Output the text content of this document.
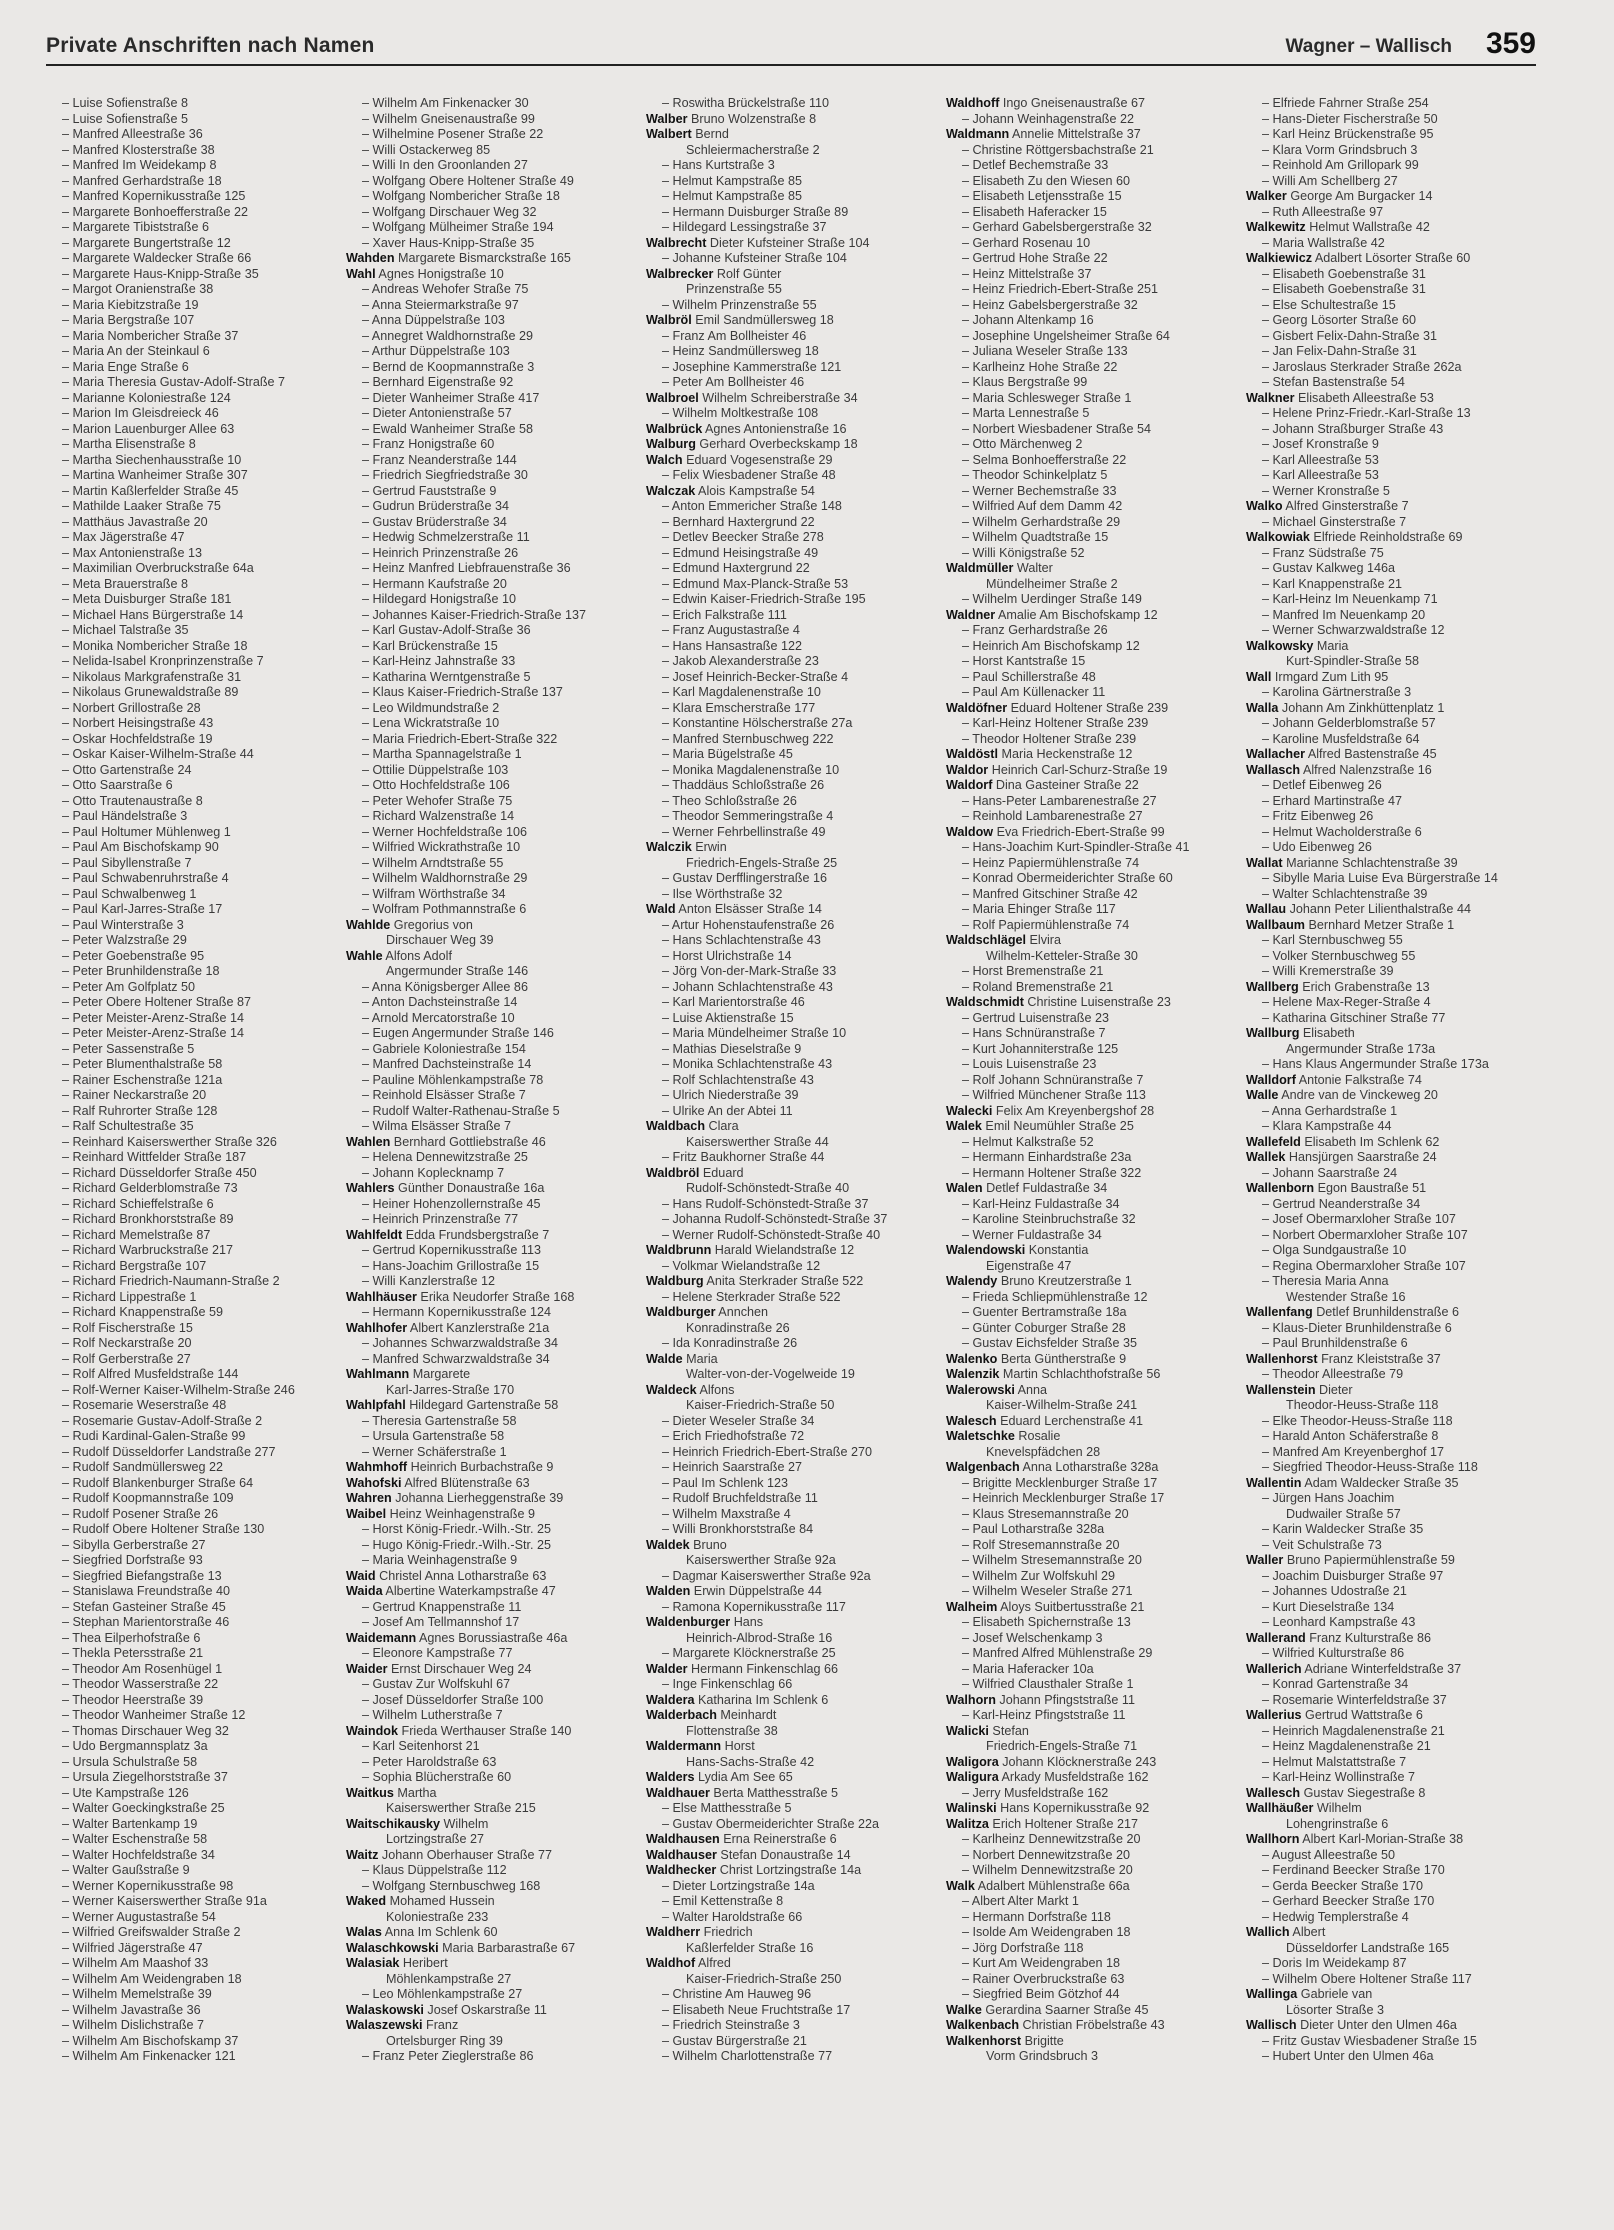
Private Anschriften nach Namen	Wagner – Wallisch 359
– Luise Sofienstraße 8
– Luise Sofienstraße 5
– Manfred Alleestraße 36
– Manfred Klosterstraße 38
– Manfred Im Weidekamp 8
– Manfred Gerhardstraße 18
– Manfred Kopernikusstraße 125
– Margarete Bonhoefferstraße 22
– Margarete Tibiststraße 6
– Margarete Bungertstraße 12
– Margarete Waldecker Straße 66
– Margarete Haus-Knipp-Straße 35
– Margot Oranienstraße 38
– Maria Kiebitzstraße 19
– Maria Bergstraße 107
– Maria Nombericher Straße 37
– Maria An der Steinkaul 6
– Maria Enge Straße 6
– Maria Theresia Gustav-Adolf-Straße 7
– Marianne Koloniestraße 124
– Marion Im Gleisdreieck 46
– Marion Lauenburger Allee 63
– Martha Elisenstraße 8
– Martha Siechenhausstraße 10
– Martina Wanheimer Straße 307
– Martin Kaßlerfelder Straße 45
– Mathilde Laaker Straße 75
– Matthäus Javastraße 20
– Max Jägerstraße 47
– Max Antonienstraße 13
– Maximilian Overbruckstraße 64a
– Meta Brauerstraße 8
– Meta Duisburger Straße 181
– Michael Hans Bürgerstraße 14
– Michael Talstraße 35
– Monika Nombericher Straße 18
– Nelida-Isabel Kronprinzenstraße 7
– Nikolaus Markgrafenstraße 31
– Nikolaus Grunewaldstraße 89
– Norbert Grillostraße 28
– Norbert Heisingstraße 43
– Oskar Hochfeldstraße 19
– Oskar Kaiser-Wilhelm-Straße 44
– Otto Gartenstraße 24
– Otto Saarstraße 6
– Otto Trautenaustraße 8
– Paul Händelstraße 3
– Paul Holtumer Mühlenweg 1
– Paul Am Bischofskamp 90
– Paul Sibyllenstraße 7
– Paul Schwabenruhrstraße 4
– Paul Schwalbenweg 1
– Paul Karl-Jarres-Straße 17
– Paul Winterstraße 3
– Peter Walzstraße 29
– Peter Goebenstraße 95
– Peter Brunhildenstraße 18
– Peter Am Golfplatz 50
– Peter Obere Holtener Straße 87
– Peter Meister-Arenz-Straße 14
– Peter Meister-Arenz-Straße 14
– Peter Sassenstraße 5
– Peter Blumenthalstraße 58
– Rainer Eschenstraße 121a
– Rainer Neckarstraße 20
– Ralf Ruhrorter Straße 128
– Ralf Schultestraße 35
– Reinhard Kaiserswerther Straße 326
– Reinhard Wittfelder Straße 187
– Richard Düsseldorfer Straße 450
– Richard Gelderblomstraße 73
– Richard Schieffelstraße 6
– Richard Bronkhorststraße 89
– Richard Memelstraße 87
– Richard Warbruckstraße 217
– Richard Bergstraße 107
– Richard Friedrich-Naumann-Straße 2
– Richard Lippestraße 1
– Richard Knappenstraße 59
– Rolf Fischerstraße 15
– Rolf Neckarstraße 20
– Rolf Gerberstraße 27
– Rolf Alfred Musfeldstraße 144
– Rolf-Werner Kaiser-Wilhelm-Straße 246
– Rosemarie Weserstraße 48
– Rosemarie Gustav-Adolf-Straße 2
– Rudi Kardinal-Galen-Straße 99
– Rudolf Düsseldorfer Landstraße 277
– Rudolf Sandmüllersweg 22
– Rudolf Blankenburger Straße 64
– Rudolf Koopmannstraße 109
– Rudolf Posener Straße 26
– Rudolf Obere Holtener Straße 130
– Sibylla Gerberstraße 27
– Siegfried Dorfstraße 93
– Siegfried Biefangstraße 13
– Stanislawa Freundstraße 40
– Stefan Gasteiner Straße 45
– Stephan Marientorstraße 46
– Thea Eilperhofstraße 6
– Thekla Petersstraße 21
– Theodor Am Rosenhügel 1
– Theodor Wasserstraße 22
– Theodor Heerstraße 39
– Theodor Wanheimer Straße 12
– Thomas Dirschauer Weg 32
– Udo Bergmannsplatz 3a
– Ursula Schulstraße 58
– Ursula Ziegelhorststraße 37
– Ute Kampstraße 126
– Walter Goeckingkstraße 25
– Walter Bartenkamp 19
– Walter Eschenstraße 58
– Walter Hochfeldstraße 34
– Walter Gaußstraße 9
– Werner Kopernikusstraße 98
– Werner Kaiserswerther Straße 91a
– Werner Augustastraße 54
– Wilfried Greifswalder Straße 2
– Wilfried Jägerstraße 47
– Wilhelm Am Maashof 33
– Wilhelm Am Weidengraben 18
– Wilhelm Memelstraße 39
– Wilhelm Javastraße 36
– Wilhelm Dislichstraße 7
– Wilhelm Am Bischofskamp 37
– Wilhelm Am Finkenacker 121
– Wilhelm Am Finkenacker 30
– Wilhelm Gneisenaustraße 99
– Wilhelmine Posener Straße 22
– Willi Ostackerweg 85
– Willi In den Groonlanden 27
– Wolfgang Obere Holtener Straße 49
– Wolfgang Nombericher Straße 18
– Wolfgang Dirschauer Weg 32
– Wolfgang Mülheimer Straße 194
– Xaver Haus-Knipp-Straße 35
Wahden Margarete Bismarckstraße 165
Wahl Agnes Honigstraße 10
– Andreas Wehofer Straße 75
– Anna Steiermarkstraße 97
– Anna Düppelstraße 103
– Annegret Waldhornstraße 29
– Arthur Düppelstraße 103
– Bernd de Koopmannstraße 3
– Bernhard Eigenstraße 92
– Dieter Wanheimer Straße 417
– Dieter Antonienstraße 57
– Ewald Wanheimer Straße 58
– Franz Honigstraße 60
– Franz Neanderstraße 144
– Friedrich Siegfriedstraße 30
– Gertrud Fauststraße 9
– Gudrun Brüderstraße 34
– Gustav Brüderstraße 34
– Hedwig Schmelzerstraße 11
– Heinrich Prinzenstraße 26
– Heinz Manfred Liebfrauenstraße 36
– Hermann Kaufstraße 20
– Hildegard Honigstraße 10
– Johannes Kaiser-Friedrich-Straße 137
– Karl Gustav-Adolf-Straße 36
– Karl Brückenstraße 15
– Karl-Heinz Jahnstraße 33
– Katharina Werntgenstraße 5
– Klaus Kaiser-Friedrich-Straße 137
– Leo Wildmundstraße 2
– Lena Wickratstraße 10
– Maria Friedrich-Ebert-Straße 322
– Martha Spannagelstraße 1
– Ottilie Düppelstraße 103
– Otto Hochfeldstraße 106
– Peter Wehofer Straße 75
– Richard Walzenstraße 14
– Werner Hochfeldstraße 106
– Wilfried Wickrathstraße 10
– Wilhelm Arndtstraße 55
– Wilhelm Waldhornstraße 29
– Wilfram Wörthstraße 34
– Wolfram Pothmannstraße 6
Wahlde Gregorius von
Dirschauer Weg 39
Wahle Alfons Adolf
Angermunder Straße 146
– Anna Königsberger Allee 86
– Anton Dachsteinstraße 14
– Arnold Mercatorstraße 10
– Eugen Angermunder Straße 146
– Gabriele Koloniestraße 154
– Manfred Dachsteinstraße 14
– Pauline Möhlenkampstraße 78
– Reinhold Elsässer Straße 7
– Rudolf Walter-Rathenau-Straße 5
– Wilma Elsässer Straße 7
Wahlen Bernhard Gottliebstraße 46
– Helena Dennewitzstraße 25
– Johann Koplecknamp 7
Wahlers Günther Donaustraße 16a
– Heiner Hohenzollernstraße 45
– Heinrich Prinzenstraße 77
Wahlfeldt Edda Frundsbergstraße 7
– Gertrud Kopernikusstraße 113
– Hans-Joachim Grillostraße 15
– Willi Kanzlerstraße 12
Wahlhäuser Erika Neudorfer Straße 168
– Hermann Kopernikusstraße 124
Wahlhofer Albert Kanzlerstraße 21a
– Johannes Schwarzwaldstraße 34
– Manfred Schwarzwaldstraße 34
Wahlmann Margarete
Karl-Jarres-Straße 170
Wahlpfahl Hildegard Gartenstraße 58
– Theresia Gartenstraße 58
– Ursula Gartenstraße 58
– Werner Schäferstraße 1
Wahmhoff Heinrich Burbachstraße 9
Wahofski Alfred Blütenstraße 63
Wahren Johanna Lierheggenstraße 39
Waibel Heinz Weinhagenstraße 9
– Horst König-Friedr.-Wilh.-Str. 25
– Hugo König-Friedr.-Wilh.-Str. 25
– Maria Weinhagenstraße 9
Waid Christel Anna Lotharstraße 63
Waida Albertine Waterkampstraße 47
– Gertrud Knappenstraße 11
– Josef Am Tellmannshof 17
Waidemann Agnes Borussiastraße 46a
– Eleonore Kampstraße 77
Waider Ernst Dirschauer Weg 24
– Gustav Zur Wolfskuhl 67
– Josef Düsseldorfer Straße 100
– Wilhelm Lutherstraße 7
Waindok Frieda Werthauser Straße 140
– Karl Seitenhorst 21
– Peter Haroldstraße 63
– Sophia Blücherstraße 60
Waitkus Martha
Kaiserswerther Straße 215
Waitschikausky Wilhelm
Lortzingstraße 27
Waitz Johann Oberhauser Straße 77
– Klaus Düppelstraße 112
– Wolfgang Sternbuschweg 168
Waked Mohamed Hussein
Koloniestraße 233
Walas Anna Im Schlenk 60
Walaschkowski Maria Barbarastraße 67
Walasiak Heribert
Möhlenkampstraße 27
– Leo Möhlenkampstraße 27
Walaskowski Josef Oskarstraße 11
Walaszewski Franz
Ortelsburger Ring 39
– Franz Peter Zieglerstraße 86
– Roswitha Brückelstraße 110
Walber Bruno Wolzenstraße 8
Walbert Bernd
Schleiermacherstraße 2
– Hans Kurtstraße 3
– Helmut Kampstraße 85
– Helmut Kampstraße 85
– Hermann Duisburger Straße 89
– Hildegard Lessingstraße 37
Walbrecht Dieter Kufsteiner Straße 104
– Johanne Kufsteiner Straße 104
Walbrecker Rolf Günter
Prinzenstraße 55
– Wilhelm Prinzenstraße 55
Walbröl Emil Sandmüllersweg 18
– Franz Am Bollheister 46
– Heinz Sandmüllersweg 18
– Josephine Kammerstraße 121
– Peter Am Bollheister 46
Walbroel Wilhelm Schreiberstraße 34
– Wilhelm Moltkestraße 108
Walbrück Agnes Antonienstraße 16
Walburg Gerhard Overbeckskamp 18
Walch Eduard Vogesenstraße 29
– Felix Wiesbadener Straße 48
Walczak Alois Kampstraße 54
– Anton Emmericher Straße 148
– Bernhard Haxtergrund 22
– Detlev Beecker Straße 278
– Edmund Heisingstraße 49
– Edmund Haxtergrund 22
– Edmund Max-Planck-Straße 53
– Edwin Kaiser-Friedrich-Straße 195
– Erich Falkstraße 111
– Franz Augustastraße 4
– Hans Hansastraße 122
– Jakob Alexanderstraße 23
– Josef Heinrich-Becker-Straße 4
– Karl Magdalenenstraße 10
– Klara Emscherstraße 177
– Konstantine Hölscherstraße 27a
– Manfred Sternbuschweg 222
– Maria Bügelstraße 45
– Monika Magdalenenstraße 10
– Thaddäus Schloßstraße 26
– Theo Schloßstraße 26
– Theodor Semmeringstraße 4
– Werner Fehrbellinstraße 49
Walczik Erwin
Friedrich-Engels-Straße 25
– Gustav Derfflingerstraße 16
– Ilse Wörthstraße 32
Wald Anton Elsässer Straße 14
– Artur Hohenstaufenstraße 26
– Hans Schlachtenstraße 43
– Horst Ulrichstraße 14
– Jörg Von-der-Mark-Straße 33
– Johann Schlachtenstraße 43
– Karl Marientorstraße 46
– Luise Aktienstraße 15
– Maria Mündelheimer Straße 10
– Mathias Dieselstraße 9
– Monika Schlachtenstraße 43
– Rolf Schlachtenstraße 43
– Ulrich Niederstraße 39
– Ulrike An der Abtei 11
Waldbach Clara
Kaiserswerther Straße 44
– Fritz Baukhorner Straße 44
Waldbröl Eduard
Rudolf-Schönstedt-Straße 40
– Hans Rudolf-Schönstedt-Straße 37
– Johanna Rudolf-Schönstedt-Straße 37
– Werner Rudolf-Schönstedt-Straße 40
Waldbrunn Harald Wielandstraße 12
– Volkmar Wielandstraße 12
Waldburg Anita Sterkrader Straße 522
– Helene Sterkrader Straße 522
Waldburger Annchen
Konradinstraße 26
– Ida Konradinstraße 26
Walde Maria
Walter-von-der-Vogelweide 19
Waldeck Alfons
Kaiser-Friedrich-Straße 50
– Dieter Weseler Straße 34
– Erich Friedhofstraße 72
– Heinrich Friedrich-Ebert-Straße 270
– Heinrich Saarstraße 27
– Paul Im Schlenk 123
– Rudolf Bruchfeldstraße 11
– Wilhelm Maxstraße 4
– Willi Bronkhorststraße 84
Waldek Bruno
Kaiserswerther Straße 92a
– Dagmar Kaiserswerther Straße 92a
Walden Erwin Düppelstraße 44
– Ramona Kopernikusstraße 117
Waldenburger Hans
Heinrich-Albrod-Straße 16
– Margarete Klöcknerstraße 25
Walder Hermann Finkenschlag 66
– Inge Finkenschlag 66
Waldera Katharina Im Schlenk 6
Walderbach Meinhardt
Flottenstraße 38
Waldermann Horst
Hans-Sachs-Straße 42
Walders Lydia Am See 65
Waldhauer Berta Matthesstraße 5
– Else Matthesstraße 5
– Gustav Obermeiderichter Straße 22a
Waldhausen Erna Reinerstraße 6
Waldhauser Stefan Donaustraße 14
Waldhecker Christ Lortzingstraße 14a
– Dieter Lortzingstraße 14a
– Emil Kettenstraße 8
– Walter Haroldstraße 66
Waldherr Friedrich
Kaßlerfelder Straße 16
Waldhof Alfred
Kaiser-Friedrich-Straße 250
– Christine Am Hauweg 96
– Elisabeth Neue Fruchtstraße 17
– Friedrich Steinstraße 3
– Gustav Bürgerstraße 21
– Wilhelm Charlottenstraße 77
Waldhoff Ingo Gneisenaustraße 67
– Johann Weinhagenstraße 22
Waldmann Annelie Mittelstraße 37
– Christine Röttgersbachstraße 21
– Detlef Bechemstraße 33
– Elisabeth Zu den Wiesen 60
– Elisabeth Letjensstraße 15
– Elisabeth Haferacker 15
– Gerhard Gabelsbergerstraße 32
– Gerhard Rosenau 10
– Gertrud Hohe Straße 22
– Heinz Mittelstraße 37
– Heinz Friedrich-Ebert-Straße 251
– Heinz Gabelsbergerstraße 32
– Johann Altenkamp 16
– Josephine Ungelsheimer Straße 64
– Juliana Weseler Straße 133
– Karlheinz Hohe Straße 22
– Klaus Bergstraße 99
– Maria Schlesweger Straße 1
– Marta Lennestraße 5
– Norbert Wiesbadener Straße 54
– Otto Märchenweg 2
– Selma Bonhoefferstraße 22
– Theodor Schinkelplatz 5
– Werner Bechemstraße 33
– Wilfried Auf dem Damm 42
– Wilhelm Gerhardstraße 29
– Wilhelm Quadtstraße 15
– Willi Königstraße 52
Waldmüller Walter
Mündelheimer Straße 2
– Wilhelm Uerdinger Straße 149
Waldner Amalie Am Bischofskamp 12
– Franz Gerhardstraße 26
– Heinrich Am Bischofskamp 12
– Horst Kantstraße 15
– Paul Schillerstraße 48
– Paul Am Küllenacker 11
Waldöfner Eduard Holtener Straße 239
– Karl-Heinz Holtener Straße 239
– Theodor Holtener Straße 239
Waldöstl Maria Heckenstraße 12
Waldor Heinrich Carl-Schurz-Straße 19
Waldorf Dina Gasteiner Straße 22
– Hans-Peter Lambarenestraße 27
– Reinhold Lambarenestraße 27
Waldow Eva Friedrich-Ebert-Straße 99
– Hans-Joachim Kurt-Spindler-Straße 41
– Heinz Papiermühlenstraße 74
– Konrad Obermeiderichter Straße 60
– Manfred Gitschiner Straße 42
– Maria Ehinger Straße 117
– Rolf Papiermühlenstraße 74
Waldschlägel Elvira
Wilhelm-Ketteler-Straße 30
– Horst Bremenstraße 21
– Roland Bremenstraße 21
Waldschmidt Christine Luisenstraße 23
– Gertrud Luisenstraße 23
– Hans Schnüranstraße 7
– Kurt Johanniterstraße 125
– Louis Luisenstraße 23
– Rolf Johann Schnüranstraße 7
– Wilfried Münchener Straße 113
Walecki Felix Am Kreyenbergshof 28
Walek Emil Neumühler Straße 25
– Helmut Kalkstraße 52
– Hermann Einhardstraße 23a
– Hermann Holtener Straße 322
Walen Detlef Fuldastraße 34
– Karl-Heinz Fuldastraße 34
– Karoline Steinbruchstraße 32
– Werner Fuldastraße 34
Walendowski Konstantia
Eigenstraße 47
Walendy Bruno Kreutzerstraße 1
– Frieda Schliepmühlenstraße 12
– Guenter Bertramstraße 18a
– Günter Coburger Straße 28
– Gustav Eichsfelder Straße 35
Walenko Berta Güntherstraße 9
Walenzik Martin Schlachthofstraße 56
Walerowski Anna
Kaiser-Wilhelm-Straße 241
Walesch Eduard Lerchenstraße 41
Waletschke Rosalie
Knevelspfädchen 28
Walgenbach Anna Lotharstraße 328a
– Brigitte Mecklenburger Straße 17
– Heinrich Mecklenburger Straße 17
– Klaus Stresemannstraße 20
– Paul Lotharstraße 328a
– Rolf Stresemannstraße 20
– Wilhelm Stresemannstraße 20
– Wilhelm Zur Wolfskuhl 29
– Wilhelm Weseler Straße 271
Walheim Aloys Suitbertusstraße 21
– Elisabeth Spichernstraße 13
– Josef Welschenkamp 3
– Manfred Alfred Mühlenstraße 29
– Maria Haferacker 10a
– Wilfried Clausthaler Straße 1
Walhorn Johann Pfingststraße 11
– Karl-Heinz Pfingststraße 11
Walicki Stefan
Friedrich-Engels-Straße 71
Waligora Johann Klöcknerstraße 243
Waligura Arkady Musfeldstraße 162
– Jerry Musfeldstraße 162
Walinski Hans Kopernikusstraße 92
Walitza Erich Holtener Straße 217
– Karlheinz Dennewitzstraße 20
– Norbert Dennewitzstraße 20
– Wilhelm Dennewitzstraße 20
Walk Adalbert Mühlenstraße 66a
– Albert Alter Markt 1
– Hermann Dorfstraße 118
– Isolde Am Weidengraben 18
– Jörg Dorfstraße 118
– Kurt Am Weidengraben 18
– Rainer Overbruckstraße 63
– Siegfried Beim Götzhof 44
Walke Gerardina Saarner Straße 45
Walkenbach Christian Fröbelstraße 43
Walkenhorst Brigitte
Vorm Grindsbruch 3
– Elfriede Fahrner Straße 254
– Hans-Dieter Fischerstraße 50
– Karl Heinz Brückenstraße 95
– Klara Vorm Grindsbruch 3
– Reinhold Am Grillopark 99
– Willi Am Schellberg 27
Walker George Am Burgacker 14
– Ruth Alleestraße 97
Walkewitz Helmut Wallstraße 42
– Maria Wallstraße 42
Walkiewicz Adalbert Lösorter Straße 60
– Elisabeth Goebenstraße 31
– Elisabeth Goebenstraße 31
– Else Schultestraße 15
– Georg Lösorter Straße 60
– Gisbert Felix-Dahn-Straße 31
– Jan Felix-Dahn-Straße 31
– Jaroslaus Sterkrader Straße 262a
– Stefan Bastenstraße 54
Walkner Elisabeth Alleestraße 53
– Helene Prinz-Friedr.-Karl-Straße 13
– Johann Straßburger Straße 43
– Josef Kronstraße 9
– Karl Alleestraße 53
– Karl Alleestraße 53
– Werner Kronstraße 5
Walko Alfred Ginsterstraße 7
– Michael Ginsterstraße 7
Walkowiak Elfriede Reinholdstraße 69
– Franz Südstraße 75
– Gustav Kalkweg 146a
– Karl Knappenstraße 21
– Karl-Heinz Im Neuenkamp 71
– Manfred Im Neuenkamp 20
– Werner Schwarzwaldstraße 12
Walkowsky Maria
Kurt-Spindler-Straße 58
Wall Irmgard Zum Lith 95
– Karolina Gärtnerstraße 3
Walla Johann Am Zinkhüttenplatz 1
– Johann Gelderblomstraße 57
– Karoline Musfeldstraße 64
Wallacher Alfred Bastenstraße 45
Wallasch Alfred Nalenzstraße 16
– Detlef Eibenweg 26
– Erhard Martinstraße 47
– Fritz Eibenweg 26
– Helmut Wacholderstraße 6
– Udo Eibenweg 26
Wallat Marianne Schlachtenstraße 39
– Sibylle Maria Luise Eva Bürgerstraße 14
– Walter Schlachtenstraße 39
Wallau Johann Peter Lilienthalstraße 44
Wallbaum Bernhard Metzer Straße 1
– Karl Sternbuschweg 55
– Volker Sternbuschweg 55
– Willi Kremerstraße 39
Wallberg Erich Grabenstraße 13
– Helene Max-Reger-Straße 4
– Katharina Gitschiner Straße 77
Wallburg Elisabeth
Angermunder Straße 173a
– Hans Klaus Angermunder Straße 173a
Walldorf Antonie Falkstraße 74
Walle Andre van de Vinckeweg 20
– Anna Gerhardstraße 1
– Klara Kampstraße 44
Wallefeld Elisabeth Im Schlenk 62
Wallek Hansjürgen Saarstraße 24
– Johann Saarstraße 24
Wallenborn Egon Baustraße 51
– Gertrud Neanderstraße 34
– Josef Obermarxloher Straße 107
– Norbert Obermarxloher Straße 107
– Olga Sundgaustraße 10
– Regina Obermarxloher Straße 107
– Theresia Maria Anna
Westender Straße 16
Wallenfang Detlef Brunhildenstraße 6
– Klaus-Dieter Brunhildenstraße 6
– Paul Brunhildenstraße 6
Wallenhorst Franz Kleiststraße 37
– Theodor Alleestraße 79
Wallenstein Dieter
Theodor-Heuss-Straße 118
– Elke Theodor-Heuss-Straße 118
– Harald Anton Schäferstraße 8
– Manfred Am Kreyenberghof 17
– Siegfried Theodor-Heuss-Straße 118
Wallentin Adam Waldecker Straße 35
– Jürgen Hans Joachim
Dudwailer Straße 57
– Karin Waldecker Straße 35
– Veit Schulstraße 73
Waller Bruno Papiermühlenstraße 59
– Joachim Duisburger Straße 97
– Johannes Udostraße 21
– Kurt Dieselstraße 134
– Leonhard Kampstraße 43
Wallerand Franz Kulturstraße 86
– Wilfried Kulturstraße 86
Wallerich Adriane Winterfeldstraße 37
– Konrad Gartenstraße 34
– Rosemarie Winterfeldstraße 37
Wallerius Gertrud Wattstraße 6
– Heinrich Magdalenenstraße 21
– Heinz Magdalenenstraße 21
– Helmut Malstattstraße 7
– Karl-Heinz Wollinstraße 7
Wallesch Gustav Siegestraße 8
Wallhäußer Wilhelm
Lohengrinstraße 6
Wallhorn Albert Karl-Morian-Straße 38
– August Alleestraße 50
– Ferdinand Beecker Straße 170
– Gerda Beecker Straße 170
– Gerhard Beecker Straße 170
– Hedwig Templerstraße 4
Wallich Albert
Düsseldorfer Landstraße 165
– Doris Im Weidekamp 87
– Wilhelm Obere Holtener Straße 117
Wallinga Gabriele van
Lösorter Straße 3
Wallisch Dieter Unter den Ulmen 46a
– Fritz Gustav Wiesbadener Straße 15
– Hubert Unter den Ulmen 46a
